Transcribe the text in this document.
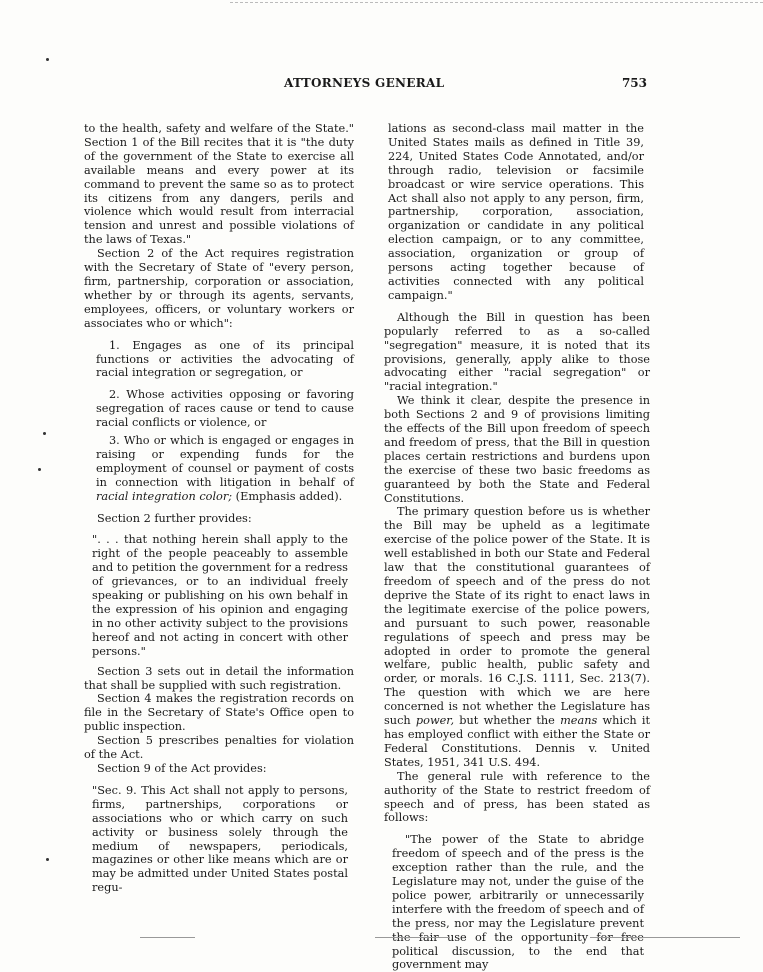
ATTORNEYS GENERAL	753

to the health, safety and welfare of the State." Section 1 of the Bill recites that it is "the duty of the government of the State to exercise all available means and every power at its command to prevent the same so as to protect its citizens from any dangers, perils and violence which would result from interracial tension and unrest and possible violations of the laws of Texas."

Section 2 of the Act requires registration with the Secretary of State of "every person, firm, partnership, corporation or association, whether by or through its agents, servants, employees, officers, or voluntary workers or associates who or which":

1. Engages as one of its principal functions or activities the advocating of racial integration or segregation, or

2. Whose activities opposing or favoring segregation of races cause or tend to cause racial conflicts or violence, or

3. Who or which is engaged or engages in raising or expending funds for the employment of counsel or payment of costs in connection with litigation in behalf of racial integration color; (Emphasis added).

Section 2 further provides:

". . . that nothing herein shall apply to the right of the people peaceably to assemble and to petition the government for a redress of grievances, or to an individual freely speaking or publishing on his own behalf in the expression of his opinion and engaging in no other activity subject to the provisions hereof and not acting in concert with other persons."

Section 3 sets out in detail the information that shall be supplied with such registration.

Section 4 makes the registration records on file in the Secretary of State's Office open to public inspection.

Section 5 prescribes penalties for violation of the Act.

Section 9 of the Act provides:

"Sec. 9. This Act shall not apply to persons, firms, partnerships, corporations or associations who or which carry on such activity or business solely through the medium of newspapers, periodicals, magazines or other like means which are or may be admitted under United States postal regu-

lations as second-class mail matter in the United States mails as defined in Title 39, 224, United States Code Annotated, and/or through radio, television or facsimile broadcast or wire service operations. This Act shall also not apply to any person, firm, partnership, corporation, association, organization or candidate in any political election campaign, or to any committee, association, organization or group of persons acting together because of activities connected with any political campaign."

Although the Bill in question has been popularly referred to as a so-called "segregation" measure, it is noted that its provisions, generally, apply alike to those advocating either "racial segregation" or "racial integration."

We think it clear, despite the presence in both Sections 2 and 9 of provisions limiting the effects of the Bill upon freedom of speech and freedom of press, that the Bill in question places certain restrictions and burdens upon the exercise of these two basic freedoms as guaranteed by both the State and Federal Constitutions.

The primary question before us is whether the Bill may be upheld as a legitimate exercise of the police power of the State. It is well established in both our State and Federal law that the constitutional guarantees of freedom of speech and of the press do not deprive the State of its right to enact laws in the legitimate exercise of the police powers, and pursuant to such power, reasonable regulations of speech and press may be adopted in order to promote the general welfare, public health, public safety and order, or morals. 16 C.J.S. 1111, Sec. 213(7). The question with which we are here concerned is not whether the Legislature has such power, but whether the means which it has employed conflict with either the State or Federal Constitutions. Dennis v. United States, 1951, 341 U.S. 494.

The general rule with reference to the authority of the State to restrict freedom of speech and of press, has been stated as follows:

"The power of the State to abridge freedom of speech and of the press is the exception rather than the rule, and the Legislature may not, under the guise of the police power, arbitrarily or unnecessarily interfere with the freedom of speech and of the press, nor may the Legislature prevent the fair use of the opportunity for free political discussion, to the end that government may
